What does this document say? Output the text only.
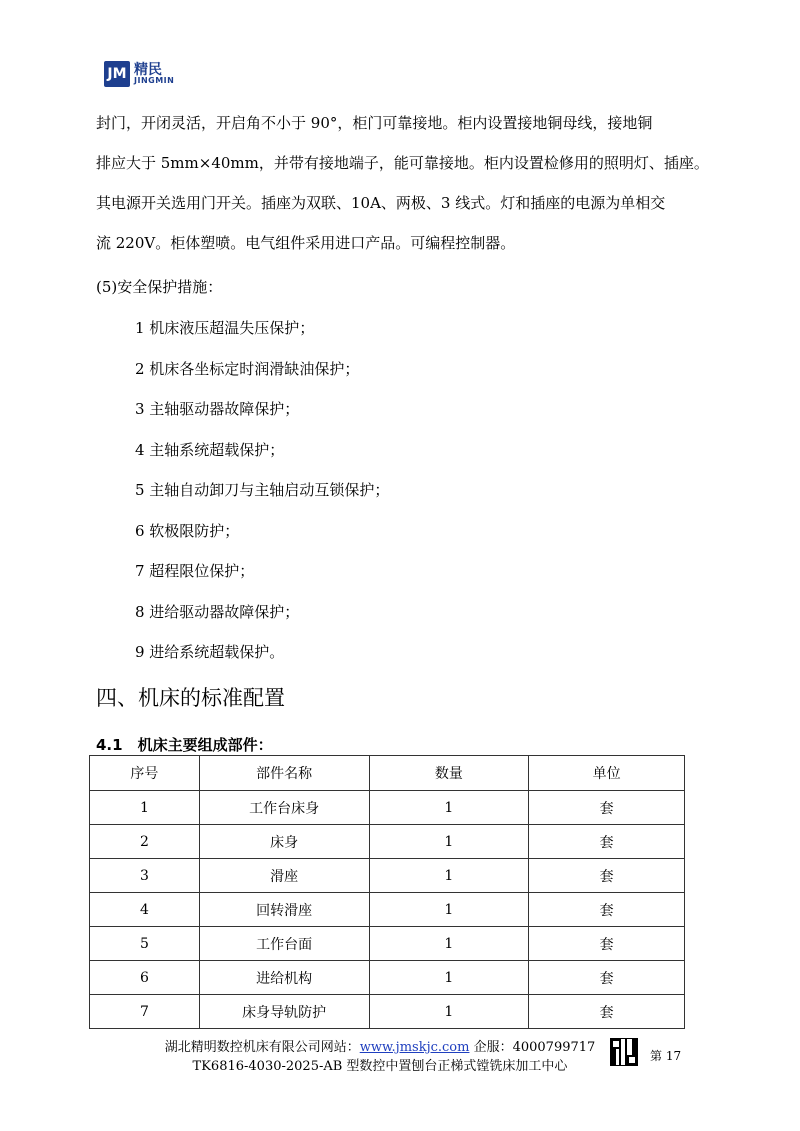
JM 精民
JINGMIN
封门，开闭灵活，开启角不小于 90°，柜门可靠接地。柜内设置接地铜母线，接地铜
排应大于 5mm×40mm，并带有接地端子，能可靠接地。柜内设置检修用的照明灯、插座。
其电源开关选用门开关。插座为双联、10A、两极、3 线式。灯和插座的电源为单相交
流 220V。柜体塑喷。电气组件采用进口产品。可编程控制器。
(5)安全保护措施：
1 机床液压超温失压保护；
2 机床各坐标定时润滑缺油保护；
3 主轴驱动器故障保护；
4 主轴系统超载保护；
5 主轴自动卸刀与主轴启动互锁保护；
6 软极限防护；
7 超程限位保护；
8 进给驱动器故障保护；
9 进给系统超载保护。
四、机床的标准配置
4.1　机床主要组成部件：
序号	部件名称	数量	单位
1	工作台床身	1	套
2	床身	1	套
3	滑座	1	套
4	回转滑座	1	套
5	工作台面	1	套
6	进给机构	1	套
7	床身导轨防护	1	套
湖北精明数控机床有限公司网站：www.jmskjc.com 企服：4000799717
TK6816-4030-2025-AB 型数控中置刨台正梯式镗铣床加工中心
第 17
